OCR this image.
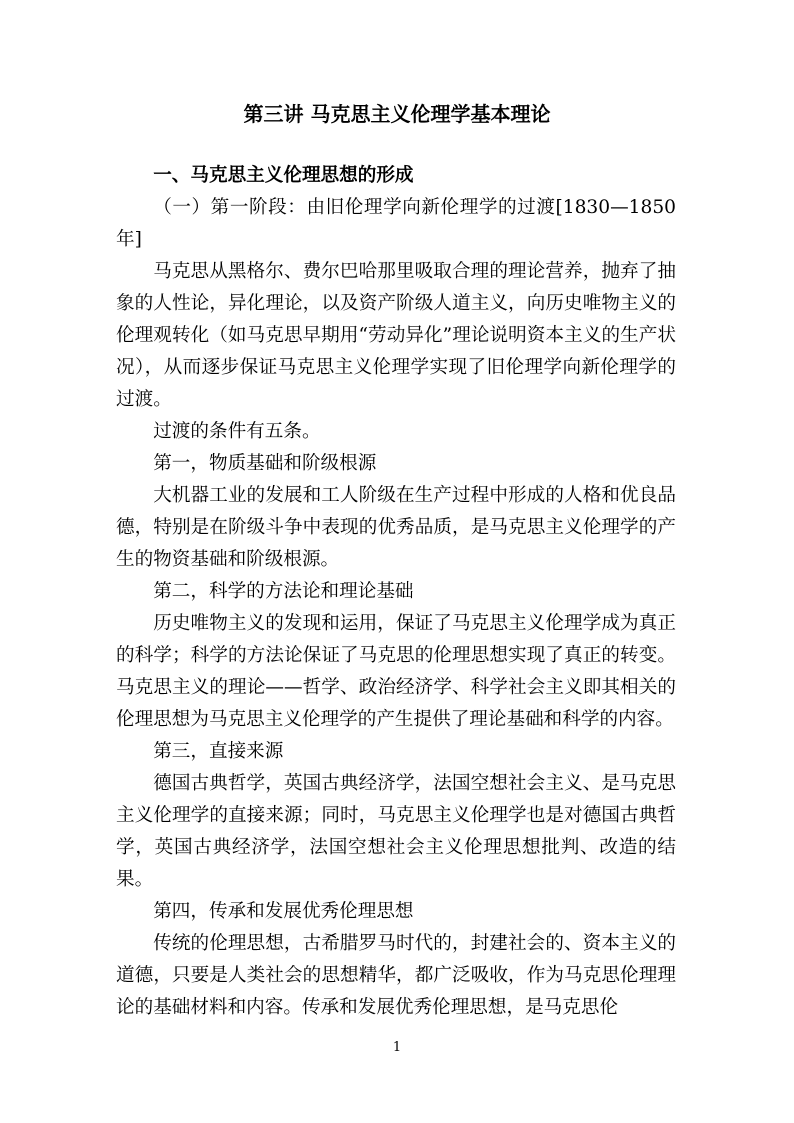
第三讲 马克思主义伦理学基本理论

一、马克思主义伦理思想的形成

（一）第一阶段：由旧伦理学向新伦理学的过渡[1830—1850年]

马克思从黑格尔、费尔巴哈那里吸取合理的理论营养，抛弃了抽象的人性论，异化理论，以及资产阶级人道主义，向历史唯物主义的伦理观转化（如马克思早期用“劳动异化”理论说明资本主义的生产状况），从而逐步保证马克思主义伦理学实现了旧伦理学向新伦理学的过渡。

过渡的条件有五条。

第一，物质基础和阶级根源

大机器工业的发展和工人阶级在生产过程中形成的人格和优良品德，特别是在阶级斗争中表现的优秀品质，是马克思主义伦理学的产生的物资基础和阶级根源。

第二，科学的方法论和理论基础

历史唯物主义的发现和运用，保证了马克思主义伦理学成为真正的科学；科学的方法论保证了马克思的伦理思想实现了真正的转变。马克思主义的理论——哲学、政治经济学、科学社会主义即其相关的伦理思想为马克思主义伦理学的产生提供了理论基础和科学的内容。

第三，直接来源

德国古典哲学，英国古典经济学，法国空想社会主义、是马克思主义伦理学的直接来源；同时，马克思主义伦理学也是对德国古典哲学，英国古典经济学，法国空想社会主义伦理思想批判、改造的结果。

第四，传承和发展优秀伦理思想

传统的伦理思想，古希腊罗马时代的，封建社会的、资本主义的道德，只要是人类社会的思想精华，都广泛吸收，作为马克思伦理理论的基础材料和内容。传承和发展优秀伦理思想，是马克思伦

1
